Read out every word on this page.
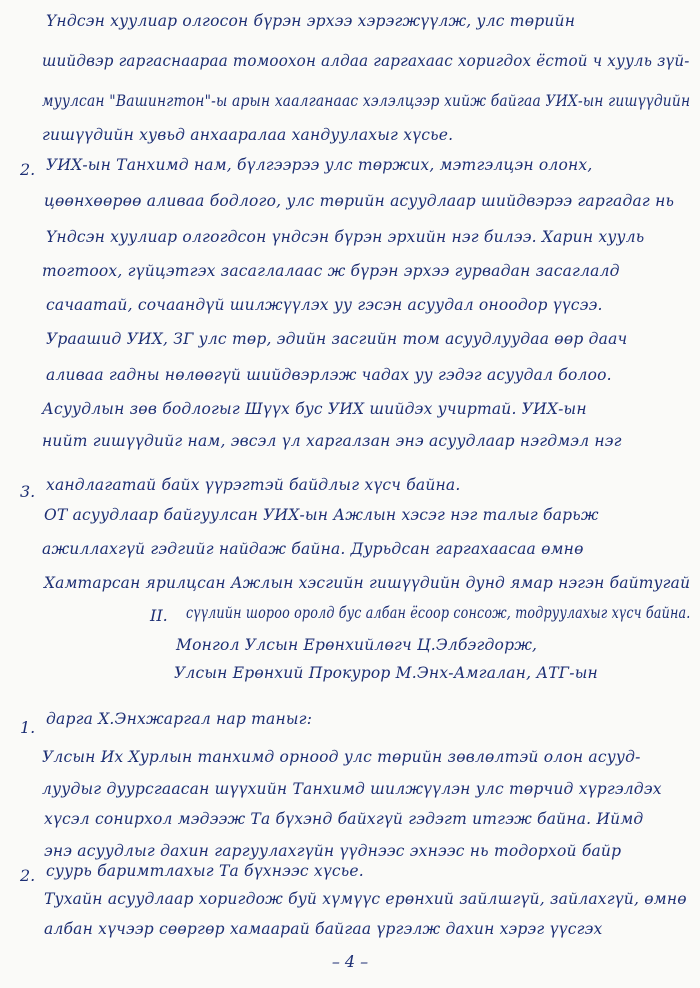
Үндсэн хуулиар олгосон бүрэн эрхээ хэрэгжүүлж, улс төрийн
шийдвэр гаргаснаараа томоохон алдаа гаргахаас хоригдох ёстой ч хууль зүй-
муулсан "Вашингтон"-ы арын хаалганаас хэлэлцээр хийж байгаа УИХ-ын гишүүдийн
гишүүдийн хувьд анхааралаа хандуулахыг хүсье.
2. УИХ-ын Танхимд нам, бүлгээрээ улс төржих, мэтгэлцэн олонх,
цөөнхөөрөө аливаа бодлого, улс төрийн асуудлаар шийдвэрээ гаргадаг нь
Үндсэн хуулиар олгогдсон үндсэн бүрэн эрхийн нэг билээ. Харин хууль
тогтоох, гүйцэтгэх засаглалаас ж бүрэн эрхээ гурвадан засаглалд
сачаатай, сочаандүй шилжүүлэх уу гэсэн асуудал оноодор үүсээ.
Ураашид УИХ, ЗГ улс төр, эдийн засгийн том асуудлуудаа өөр даач
аливаа гадны нөлөөгүй шийдвэрлэж чадах уу гэдэг асуудал болоо.
Асуудлын зөв бодлогыг Шүүх бус УИХ шийдэх учиртай. УИХ-ын
нийт гишүүдийг нам, эвсэл үл харгалзан энэ асуудлаар нэгдмэл нэг
3. хандлагатай байх үүрэгтэй байдлыг хүсч байна.
ОТ асуудлаар байгуулсан УИХ-ын Ажлын хэсэг нэг талыг барьж
ажиллахгүй гэдгийг найдаж байна. Дурьдсан гаргахаасаа өмнө
Хамтарсан ярилцсан Ажлын хэсгийн гишүүдийн дунд ямар нэгэн байтугай
II. сүүлийн шороо оролд бус албан ёсоор сонсож, тодруулахыг хүсч байна.
Монгол Улсын Ерөнхийлөгч Ц.Элбэгдорж,
Улсын Ерөнхий Прокурор М.Энх-Амгалан, АТГ-ын
1. дарга Х.Энхжаргал нар таныг:
Улсын Их Хурлын танхимд орноод улс төрийн зөвлөлтэй олон асууд-
луудыг дуурсгаасан шүүхийн Танхимд шилжүүлэн улс төрчид хүргэлдэх
хүсэл сонирхол мэдээж Та бүхэнд байхгүй гэдэгт итгэж байна. Иймд
энэ асуудлыг дахин гаргуулахгүйн үүднээс эхнээс нь тодорхой байр
2. суурь баримтлахыг Та бүхнээс хүсье.
Тухайн асуудлаар хоригдож буй хүмүүс ерөнхий зайлшгүй, зайлахгүй, өмнө
албан хүчээр сөөргөр хамаарай байгаа үргэлж дахин хэрэг үүсгэх
– 4 –
